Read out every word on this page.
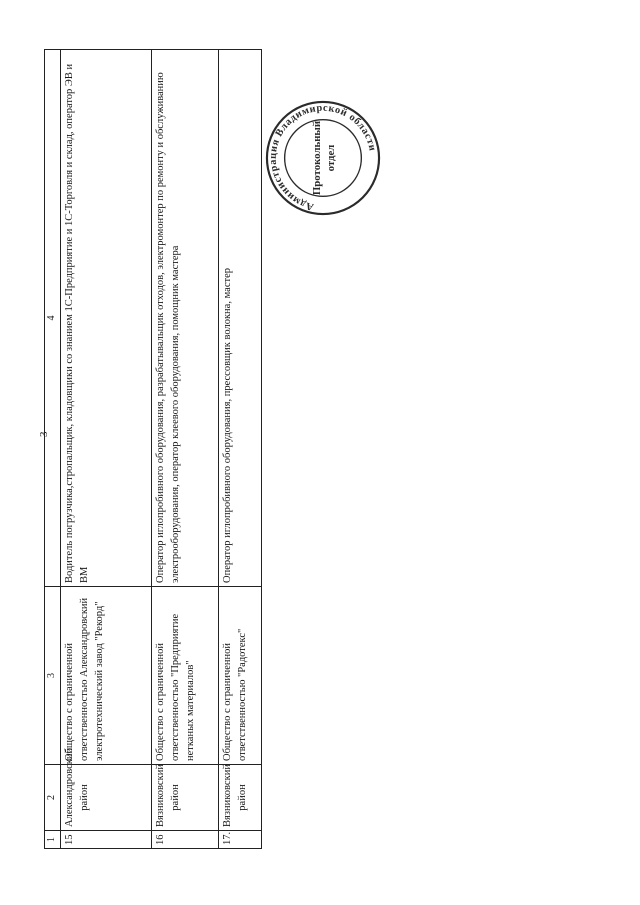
3
1	2	3	4
15	Александровский район	Общество с ограниченной ответственностью Александровский электротехнический завод "Рекорд"	Водитель погрузчика,стропальщик, кладовщики со знанием 1С-Предприятие и 1С-Торговля и склад, оператор ЭВ и ВМ
16	Вязниковский район	Общество с ограниченной ответственностью "Предприятие нетканых материалов"	Оператор иглопробивного оборудования, разрабатывальщик отходов, электромонтер по ремонту и обслуживанию электрооборудования, оператор клеевого оборудования, помощник мастера
17.	Вязниковский район	Общество с ограниченной ответственностью "Радотекс"	Оператор иглопробивного оборудования, прессовщик волокна, мастер
Администрация Владимирской области
Протокольный отдел
